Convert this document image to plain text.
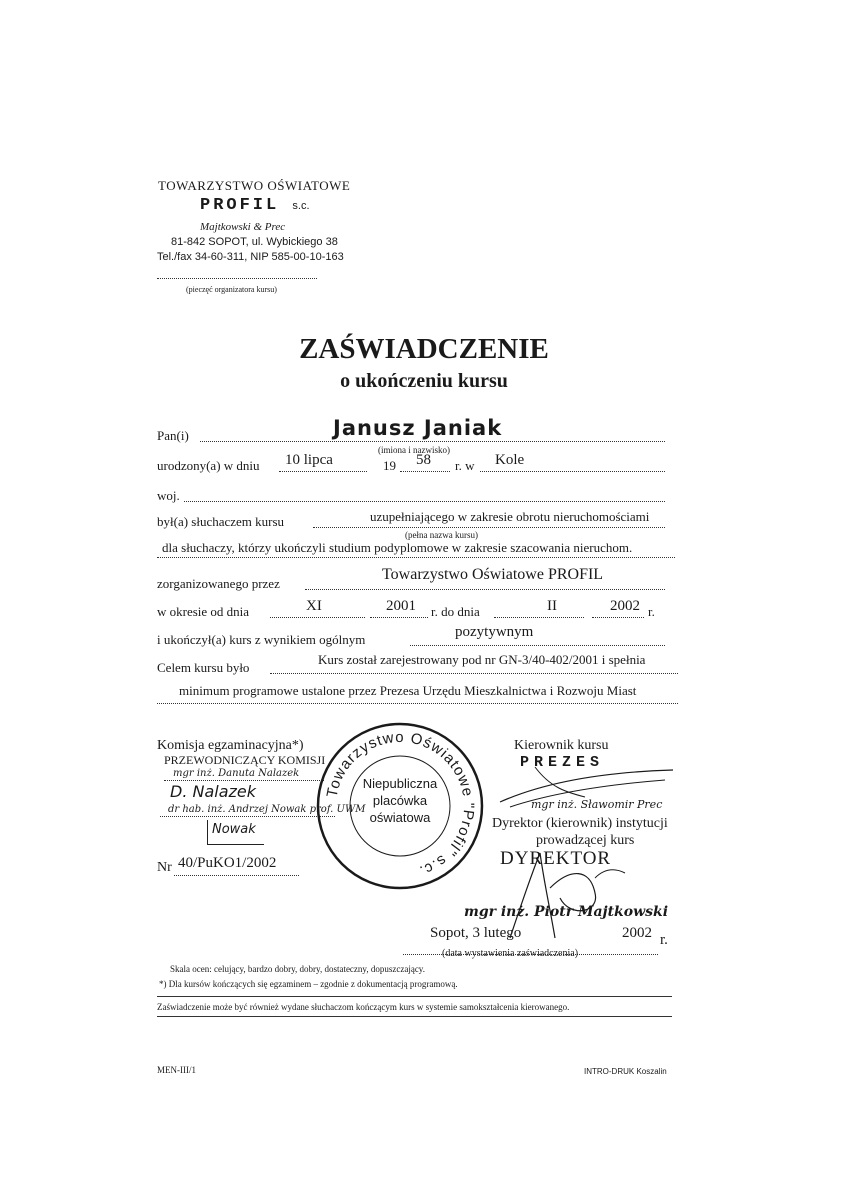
TOWARZYSTWO OŚWIATOWE
PROFIL s.c.
Majtkowski & Prec
81-842 SOPOT, ul. Wybickiego 38
Tel./fax 34-60-311, NIP 585-00-10-163
(pieczęć organizatora kursu)
ZAŚWIADCZENIE
o ukończeniu kursu
Pan(i)	Janusz Janiak
(imiona i nazwisko)
urodzony(a) w dniu 10 lipca	19 58 r. w Kole
woj.
był(a) słuchaczem kursu	uzupełniającego w zakresie obrotu nieruchomościami
(pełna nazwa kursu)
dla słuchaczy, którzy ukończyli studium podyplomowe w zakresie szacowania nieruchom.
zorganizowanego przez
Towarzystwo Oświatowe PROFIL
w okresie od dnia	XI	2001 r. do dnia	II	2002 r.
i ukończył(a) kurs z wynikiem ogólnym	pozytywnym
Celem kursu było
Kurs został zarejestrowany pod nr GN-3/40-402/2001 i spełnia
minimum programowe ustalone przez Prezesa Urzędu Mieszkalnictwa i Rozwoju Miast
Komisja egzaminacyjna*)
PRZEWODNICZĄCY KOMISJI
mgr inż. Danuta Nalazek
D. Nalazek
dr hab. inż. Andrzej Nowak prof. UWM
Nowak
Nr 40/PuKO1/2002
Towarzystwo Oświatowe "Profil" s.c.
Niepubliczna
placówka
oświatowa
Kierownik kursu
PREZES
mgr inż. Sławomir Prec
Dyrektor (kierownik) instytucji
prowadzącej kurs
DYREKTOR
mgr inż. Piotr Majtkowski
Sopot, 3 lutego	2002 r.
(data wystawienia zaświadczenia)
Skala ocen: celujący, bardzo dobry, dobry, dostateczny, dopuszczający.
*) Dla kursów kończących się egzaminem – zgodnie z dokumentacją programową.
Zaświadczenie może być również wydane słuchaczom kończącym kurs w systemie samokształcenia kierowanego.
MEN-III/1	INTRO-DRUK Koszalin
